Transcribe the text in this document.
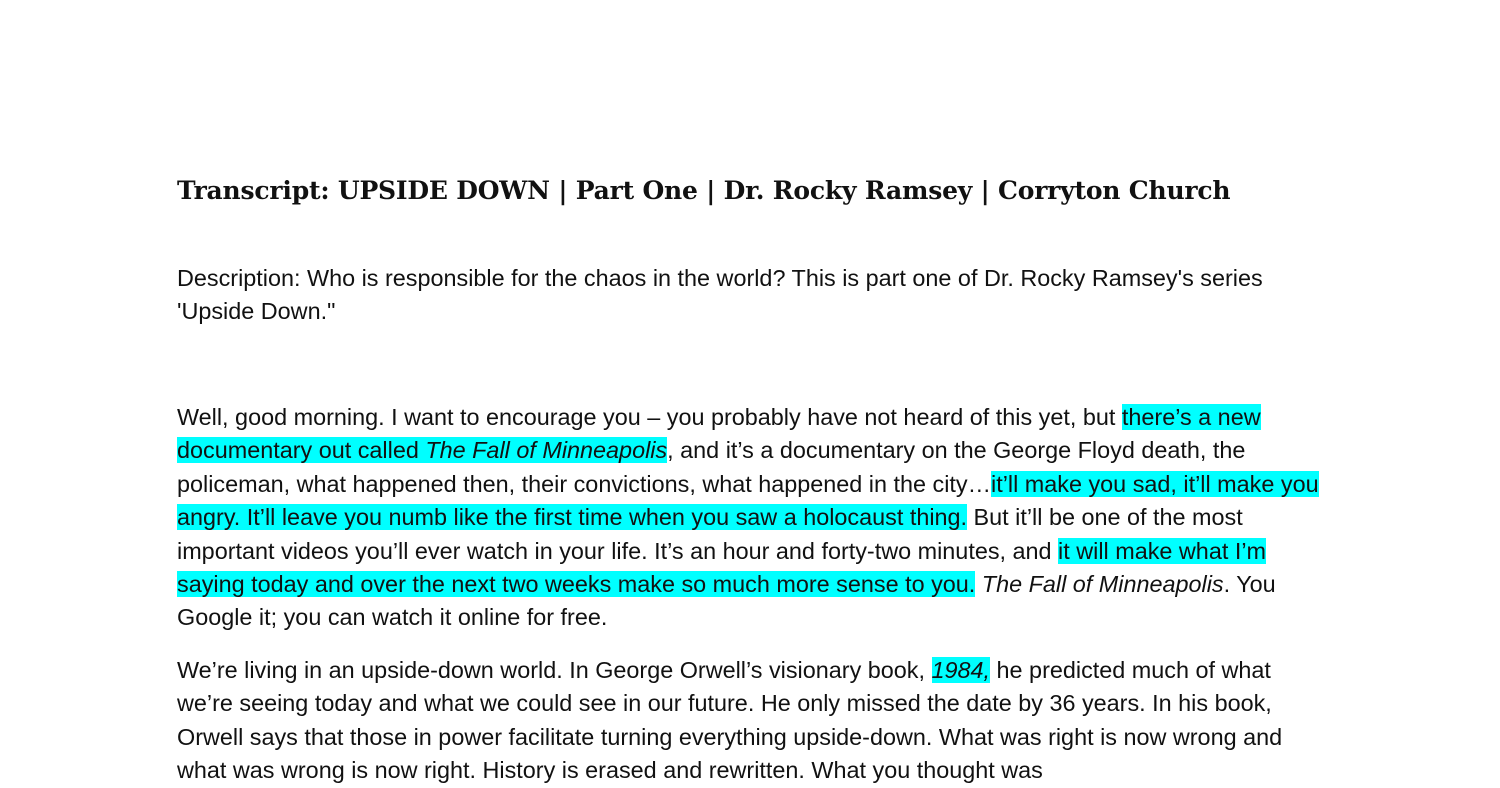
Transcript: UPSIDE DOWN | Part One | Dr. Rocky Ramsey | Corryton Church

Description: Who is responsible for the chaos in the world? This is part one of Dr. Rocky Ramsey's series 'Upside Down."

Well, good morning. I want to encourage you – you probably have not heard of this yet, but there’s a new documentary out called The Fall of Minneapolis, and it’s a documentary on the George Floyd death, the policeman, what happened then, their convictions, what happened in the city…it’ll make you sad, it’ll make you angry. It’ll leave you numb like the first time when you saw a holocaust thing. But it’ll be one of the most important videos you’ll ever watch in your life. It’s an hour and forty-two minutes, and it will make what I’m saying today and over the next two weeks make so much more sense to you. The Fall of Minneapolis. You Google it; you can watch it online for free.

We’re living in an upside-down world. In George Orwell’s visionary book, 1984, he predicted much of what we’re seeing today and what we could see in our future. He only missed the date by 36 years. In his book, Orwell says that those in power facilitate turning everything upside-down. What was right is now wrong and what was wrong is now right. History is erased and rewritten. What you thought was
